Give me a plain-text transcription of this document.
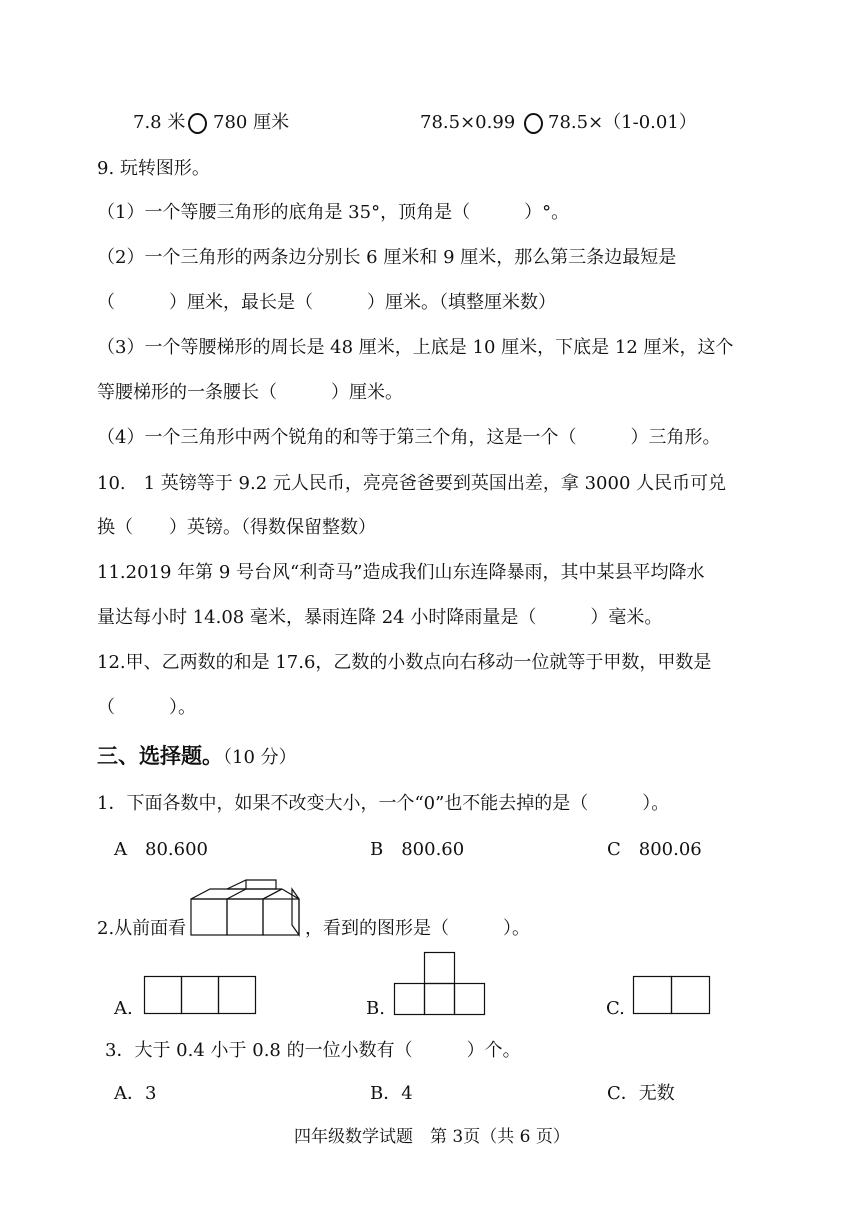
7.8 米 780 厘米	78.5×0.99 78.5×（1-0.01）
9. 玩转图形。
（1）一个等腰三角形的底角是 35°，顶角是（　　　）°。
（2）一个三角形的两条边分别长 6 厘米和 9 厘米，那么第三条边最短是
（　　　）厘米，最长是（　　　）厘米。（填整厘米数）
（3）一个等腰梯形的周长是 48 厘米，上底是 10 厘米，下底是 12 厘米，这个
等腰梯形的一条腰长（　　　）厘米。
（4）一个三角形中两个锐角的和等于第三个角，这是一个（　　　）三角形。
10.　1 英镑等于 9.2 元人民币，亮亮爸爸要到英国出差，拿 3000 人民币可兑
换（　　）英镑。（得数保留整数）
11.2019 年第 9 号台风“利奇马”造成我们山东连降暴雨，其中某县平均降水
量达每小时 14.08 毫米，暴雨连降 24 小时降雨量是（　　　）毫米。
12.甲、乙两数的和是 17.6，乙数的小数点向右移动一位就等于甲数，甲数是
（　　　）。
三、选择题。（10 分）
1．下面各数中，如果不改变大小，一个“0”也不能去掉的是（　　　）。
A　80.600	B　800.60	C　800.06
2.从前面看	，看到的图形是（　　　）。
A.	B.	C.
3．大于 0.4 小于 0.8 的一位小数有（　　　）个。
A．3	B．4	C．无数
四年级数学试题　第 3页（共 6 页）
